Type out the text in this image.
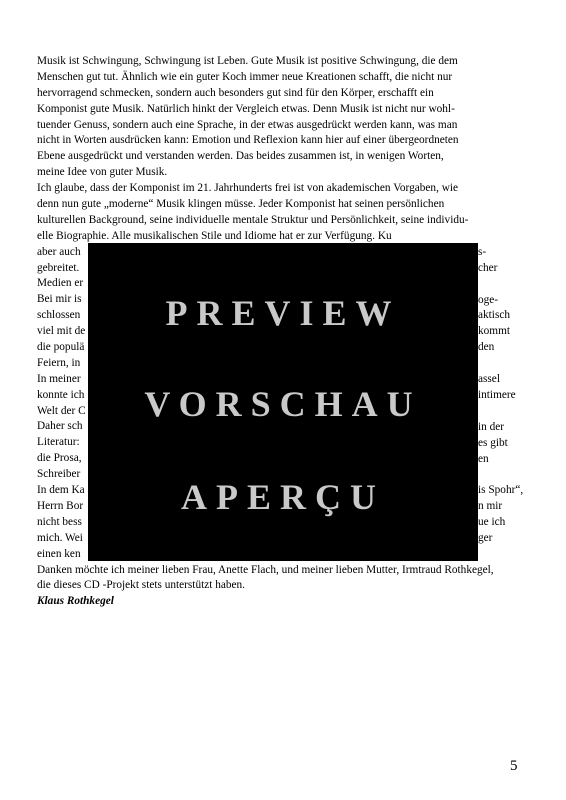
Musik ist Schwingung, Schwingung ist Leben. Gute Musik ist positive Schwingung, die dem
Menschen gut tut. Ähnlich wie ein guter Koch immer neue Kreationen schafft, die nicht nur
hervorragend schmecken, sondern auch besonders gut sind für den Körper, erschafft ein
Komponist gute Musik. Natürlich hinkt der Vergleich etwas. Denn Musik ist nicht nur wohl-
tuender Genuss, sondern auch eine Sprache, in der etwas ausgedrückt werden kann, was man
nicht in Worten ausdrücken kann: Emotion und Reflexion kann hier auf einer übergeordneten
Ebene ausgedrückt und verstanden werden. Das beides zusammen ist, in wenigen Worten,
meine Idee von guter Musik.
Ich glaube, dass der Komponist im 21. Jahrhunderts frei ist von akademischen Vorgaben, wie
denn nun gute „moderne“ Musik klingen müsse. Jeder Komponist hat seinen persönlichen
kulturellen Background, seine individuelle mentale Struktur und Persönlichkeit, seine individu-
elle Biographie. Alle musikalischen Stile und Idiome hat er zur Verfügung. Ku
aber auch
gebreitet.
Medien er
Bei mir is
schlossen
viel mit de
die populä
Feiern, in
In meiner
konnte ich
Welt der C
Daher sch
Literatur:
die Prosa,
Schreiber
In dem Ka
Herrn Bor
nicht bess
mich. Wei
einen ken
Danken möchte ich meiner lieben Frau, Anette Flach, und meiner lieben Mutter, Irmtraud Rothkegel,
die dieses CD -Projekt stets unterstützt haben.
Klaus Rothkegel
PREVIEW
VORSCHAU
APERÇU
5
s-
cher
oge-
aktisch
kommt
den
assel
intimere
in der
es gibt
en
is Spohr“,
n mir
ue ich
ger
